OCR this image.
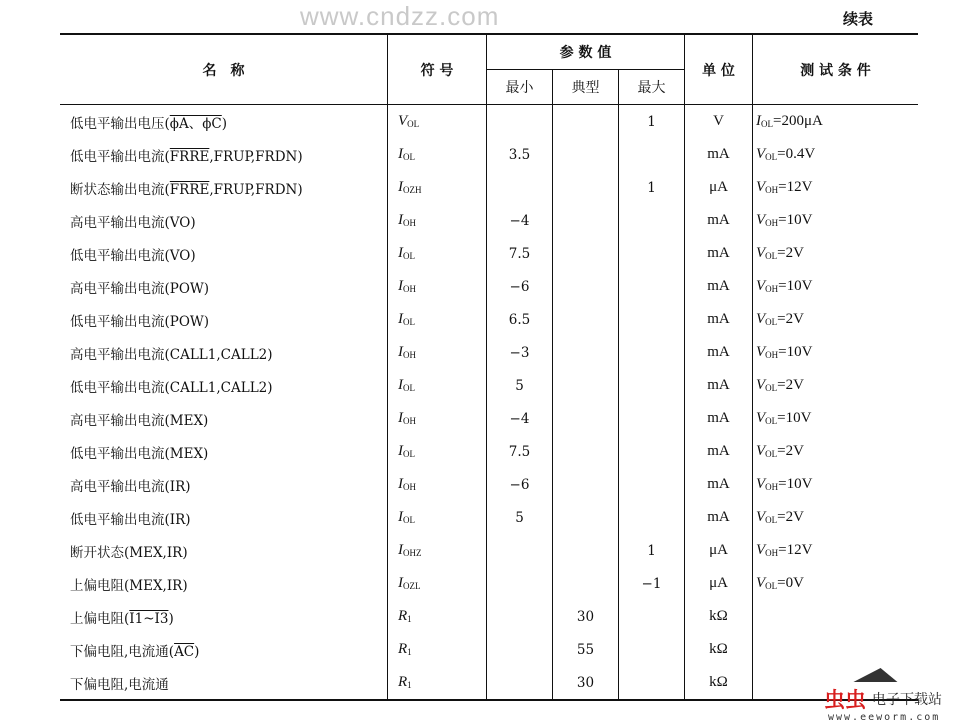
续表
www.cndzz.com
名　称	符 号	参 数 值			单 位	测 试 条 件
		最小	典型	最大		
低电平输出电压(ϕA、ϕC)	$V_{OL}$			1	V	$I_{OL}=200\mu A$
低电平输出电流(FRRE,FRUP,FRDN)	$I_{OL}$	3.5			mA	$V_{OL}=0.4V$
断状态输出电流(FRRE,FRUP,FRDN)	$I_{OZH}$			1	μA	$V_{OH}=12V$
高电平输出电流(VO)	$I_{OH}$	−4			mA	$V_{OH}=10V$
低电平输出电流(VO)	$I_{OL}$	7.5			mA	$V_{OL}=2V$
高电平输出电流(POW)	$I_{OH}$	−6			mA	$V_{OH}=10V$
低电平输出电流(POW)	$I_{OL}$	6.5			mA	$V_{OL}=2V$
高电平输出电流(CALL1,CALL2)	$I_{OH}$	−3			mA	$V_{OH}=10V$
低电平输出电流(CALL1,CALL2)	$I_{OL}$	5			mA	$V_{OL}=2V$
高电平输出电流(MEX)	$I_{OH}$	−4			mA	$V_{OL}=10V$
低电平输出电流(MEX)	$I_{OL}$	7.5			mA	$V_{OL}=2V$
高电平输出电流(IR)	$I_{OH}$	−6			mA	$V_{OH}=10V$
低电平输出电流(IR)	$I_{OL}$	5			mA	$V_{OL}=2V$
断开状态(MEX,IR)	$I_{OHZ}$			1	μA	$V_{OH}=12V$
上偏电阻(MEX,IR)	$I_{OZL}$			−1	μA	$V_{OL}=0V$
上偏电阻(I1~I3)	$R_1$		30		kΩ	
下偏电阻,电流通$(\overline{AC})$	$R_1$		55		kΩ	
下偏电阻,电流通	$R_1$		30		kΩ	
虫虫 电子下载站
www.eeworm.com
